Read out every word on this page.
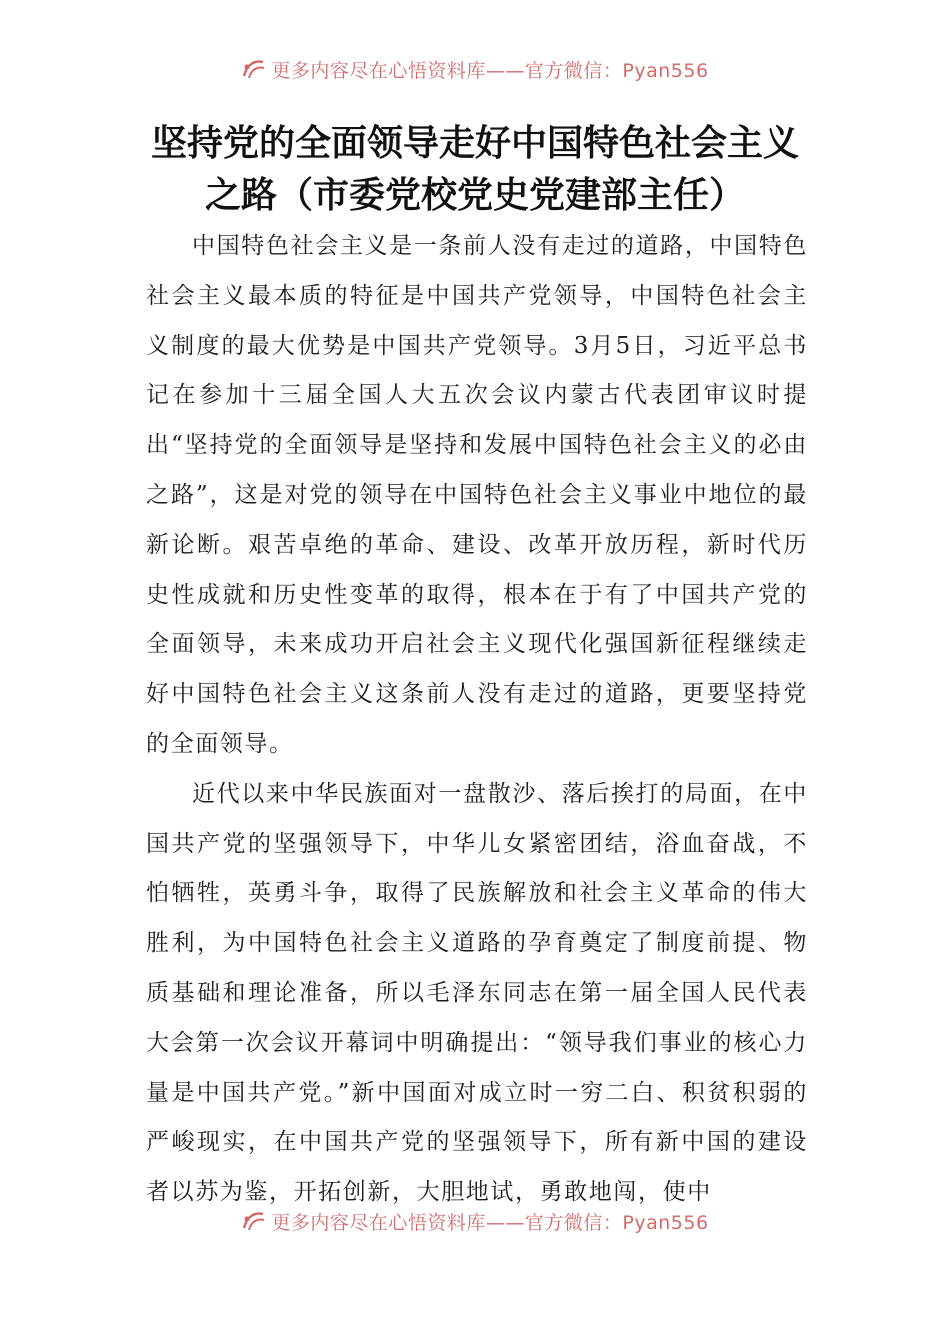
更多内容尽在心悟资料库——官方微信：Pyan556
坚持党的全面领导走好中国特色社会主义
之路（市委党校党史党建部主任）

中国特色社会主义是一条前人没有走过的道路，中国特色社会主义最本质的特征是中国共产党领导，中国特色社会主义制度的最大优势是中国共产党领导。3月5日，习近平总书记在参加十三届全国人大五次会议内蒙古代表团审议时提出“坚持党的全面领导是坚持和发展中国特色社会主义的必由之路”，这是对党的领导在中国特色社会主义事业中地位的最新论断。艰苦卓绝的革命、建设、改革开放历程，新时代历史性成就和历史性变革的取得，根本在于有了中国共产党的全面领导，未来成功开启社会主义现代化强国新征程继续走好中国特色社会主义这条前人没有走过的道路，更要坚持党的全面领导。

近代以来中华民族面对一盘散沙、落后挨打的局面，在中国共产党的坚强领导下，中华儿女紧密团结，浴血奋战，不怕牺牲，英勇斗争，取得了民族解放和社会主义革命的伟大胜利，为中国特色社会主义道路的孕育奠定了制度前提、物质基础和理论准备，所以毛泽东同志在第一届全国人民代表大会第一次会议开幕词中明确提出：“领导我们事业的核心力量是中国共产党。”新中国面对成立时一穷二白、积贫积弱的严峻现实，在中国共产党的坚强领导下，所有新中国的建设者以苏为鉴，开拓创新，大胆地试，勇敢地闯，使中

更多内容尽在心悟资料库——官方微信：Pyan556
